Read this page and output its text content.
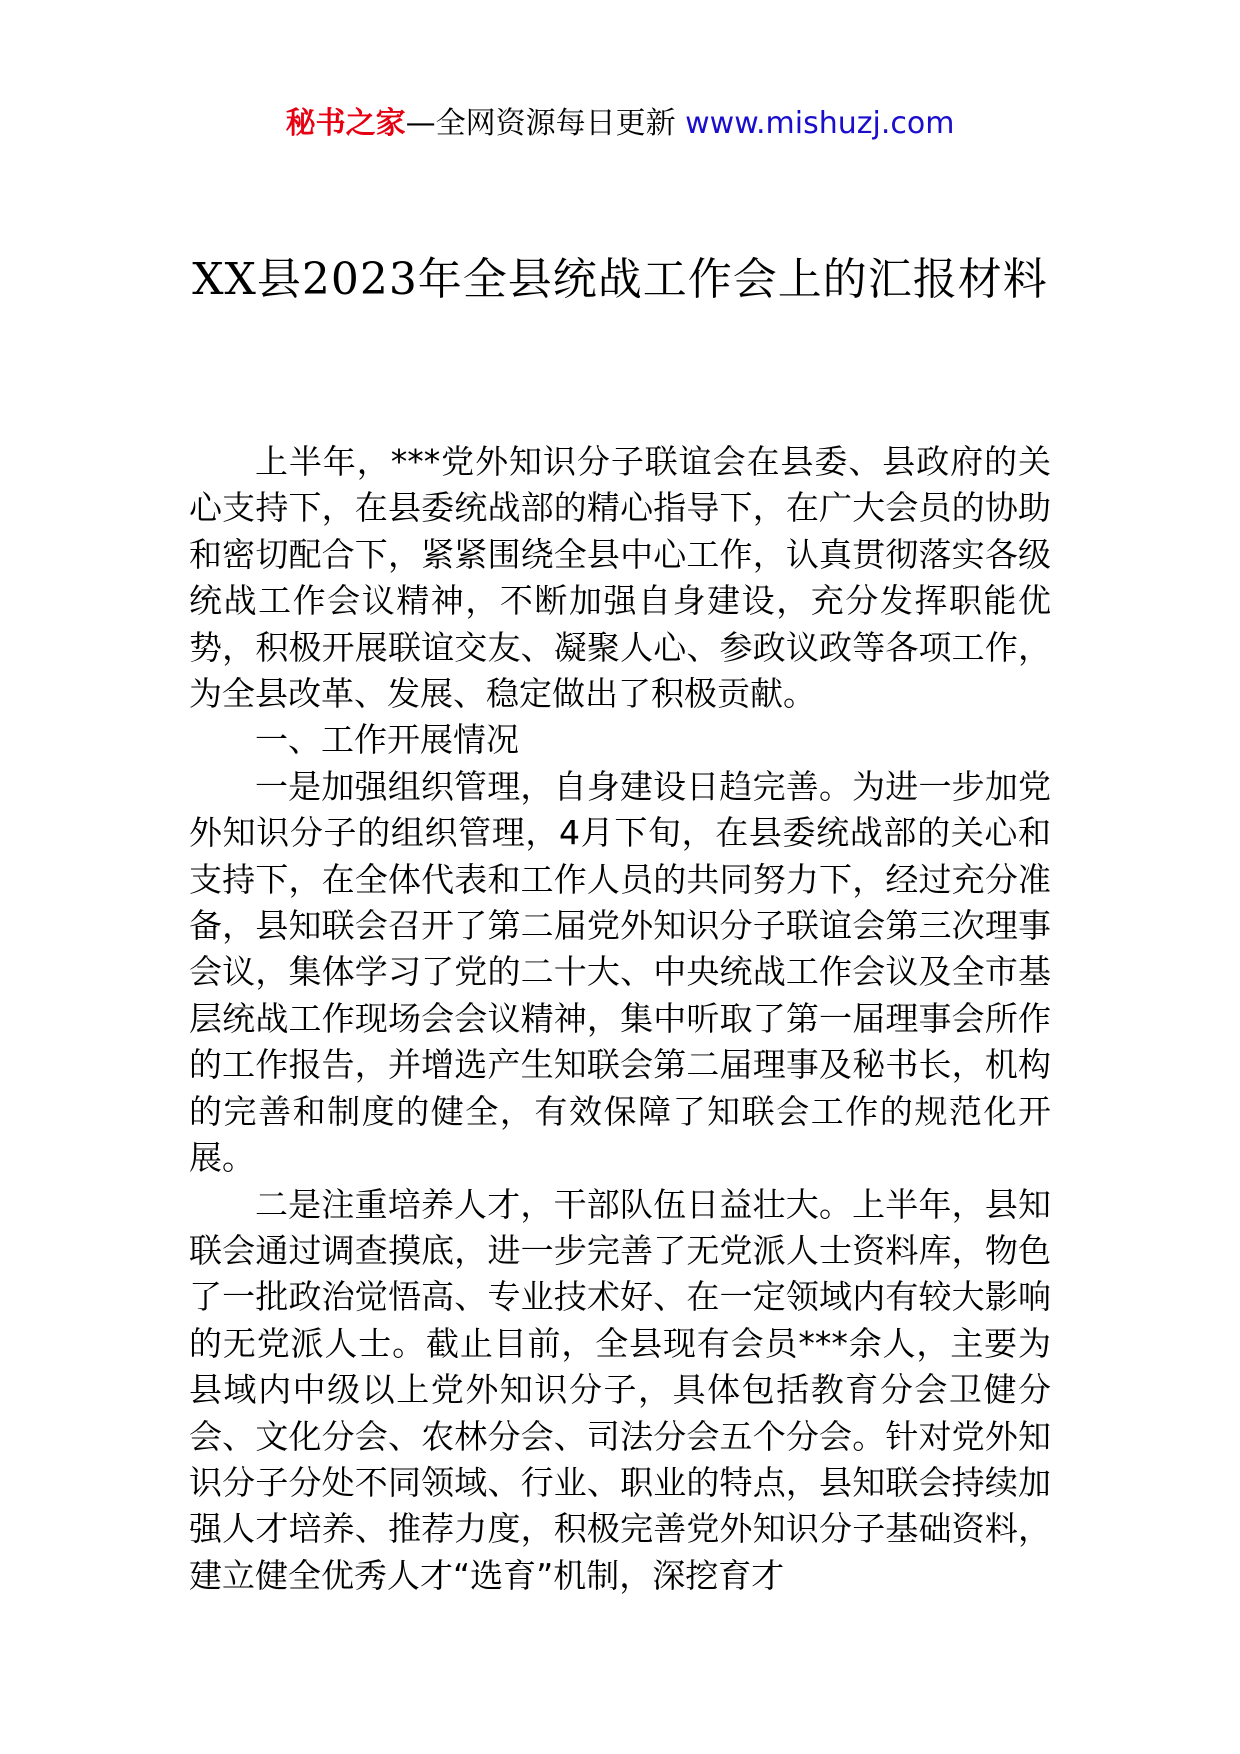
秘书之家—全网资源每日更新 www.mishuzj.com
XX县2023年全县统战工作会上的汇报材料

上半年，***党外知识分子联谊会在县委、县政府的关心支持下，在县委统战部的精心指导下，在广大会员的协助和密切配合下，紧紧围绕全县中心工作，认真贯彻落实各级统战工作会议精神，不断加强自身建设，充分发挥职能优势，积极开展联谊交友、凝聚人心、参政议政等各项工作，为全县改革、发展、稳定做出了积极贡献。

一、工作开展情况

一是加强组织管理，自身建设日趋完善。为进一步加党外知识分子的组织管理，4月下旬，在县委统战部的关心和支持下，在全体代表和工作人员的共同努力下，经过充分准备，县知联会召开了第二届党外知识分子联谊会第三次理事会议，集体学习了党的二十大、中央统战工作会议及全市基层统战工作现场会会议精神，集中听取了第一届理事会所作的工作报告，并增选产生知联会第二届理事及秘书长，机构的完善和制度的健全，有效保障了知联会工作的规范化开展。

二是注重培养人才，干部队伍日益壮大。上半年，县知联会通过调查摸底，进一步完善了无党派人士资料库，物色了一批政治觉悟高、专业技术好、在一定领域内有较大影响的无党派人士。截止目前，全县现有会员***余人，主要为县域内中级以上党外知识分子，具体包括教育分会卫健分会、文化分会、农林分会、司法分会五个分会。针对党外知识分子分处不同领域、行业、职业的特点，县知联会持续加强人才培养、推荐力度，积极完善党外知识分子基础资料，建立健全优秀人才“选育”机制，深挖育才
